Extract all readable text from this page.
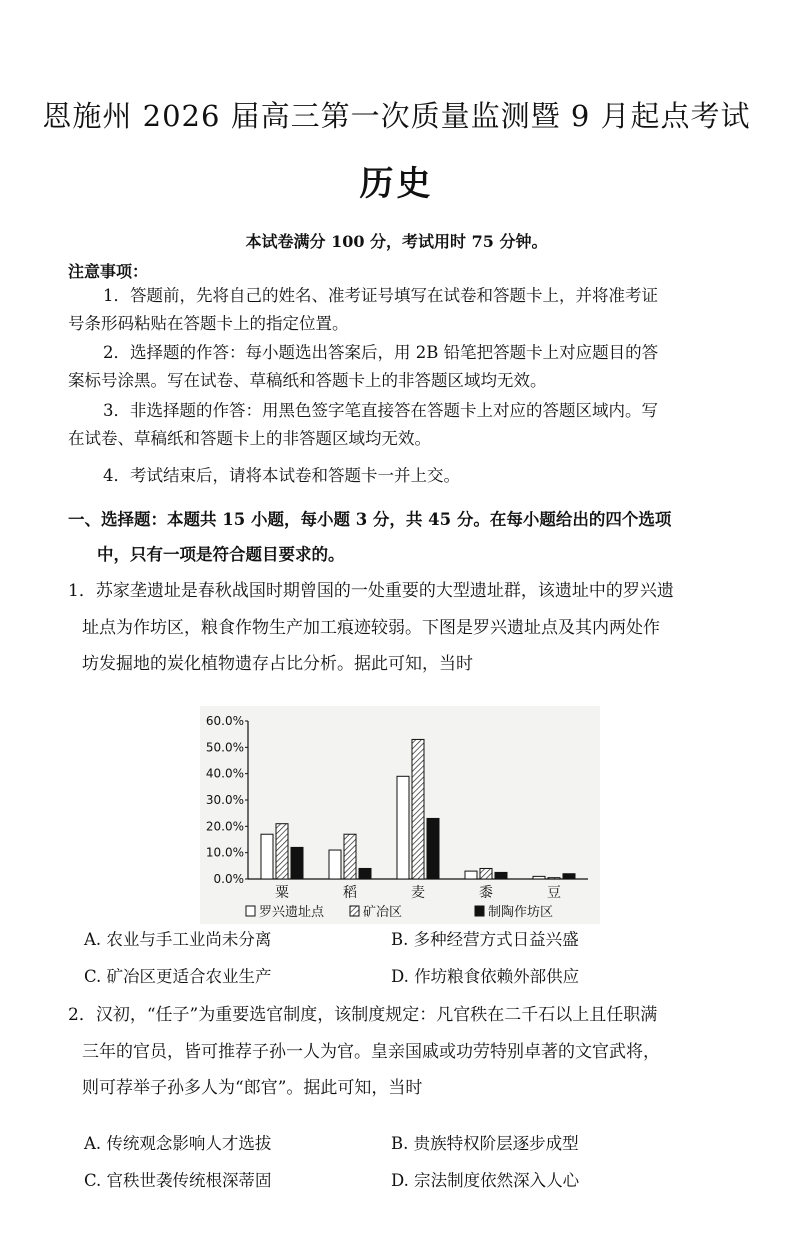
恩施州 2026 届高三第一次质量监测暨 9 月起点考试
历史
本试卷满分 100 分，考试用时 75 分钟。
注意事项：
1．答题前，先将自己的姓名、准考证号填写在试卷和答题卡上，并将准考证
号条形码粘贴在答题卡上的指定位置。
2．选择题的作答：每小题选出答案后，用 2B 铅笔把答题卡上对应题目的答
案标号涂黑。写在试卷、草稿纸和答题卡上的非答题区域均无效。
3．非选择题的作答：用黑色签字笔直接答在答题卡上对应的答题区域内。写
在试卷、草稿纸和答题卡上的非答题区域均无效。
4．考试结束后，请将本试卷和答题卡一并上交。
一、选择题：本题共 15 小题，每小题 3 分，共 45 分。在每小题给出的四个选项
中，只有一项是符合题目要求的。
1．苏家垄遗址是春秋战国时期曾国的一处重要的大型遗址群，该遗址中的罗兴遗
址点为作坊区，粮食作物生产加工痕迹较弱。下图是罗兴遗址点及其内两处作
坊发掘地的炭化植物遗存占比分析。据此可知，当时
60.0%
50.0%
40.0%
30.0%
20.0%
10.0%
0.0%
粟	稻	麦	黍	豆
罗兴遗址点	矿冶区	制陶作坊区
A. 农业与手工业尚未分离	B. 多种经营方式日益兴盛
C. 矿冶区更适合农业生产	D. 作坊粮食依赖外部供应
2．汉初，“任子”为重要选官制度，该制度规定：凡官秩在二千石以上且任职满
三年的官员，皆可推荐子孙一人为官。皇亲国戚或功劳特别卓著的文官武将，
则可荐举子孙多人为“郎官”。据此可知，当时
A. 传统观念影响人才选拔	B. 贵族特权阶层逐步成型
C. 官秩世袭传统根深蒂固	D. 宗法制度依然深入人心
